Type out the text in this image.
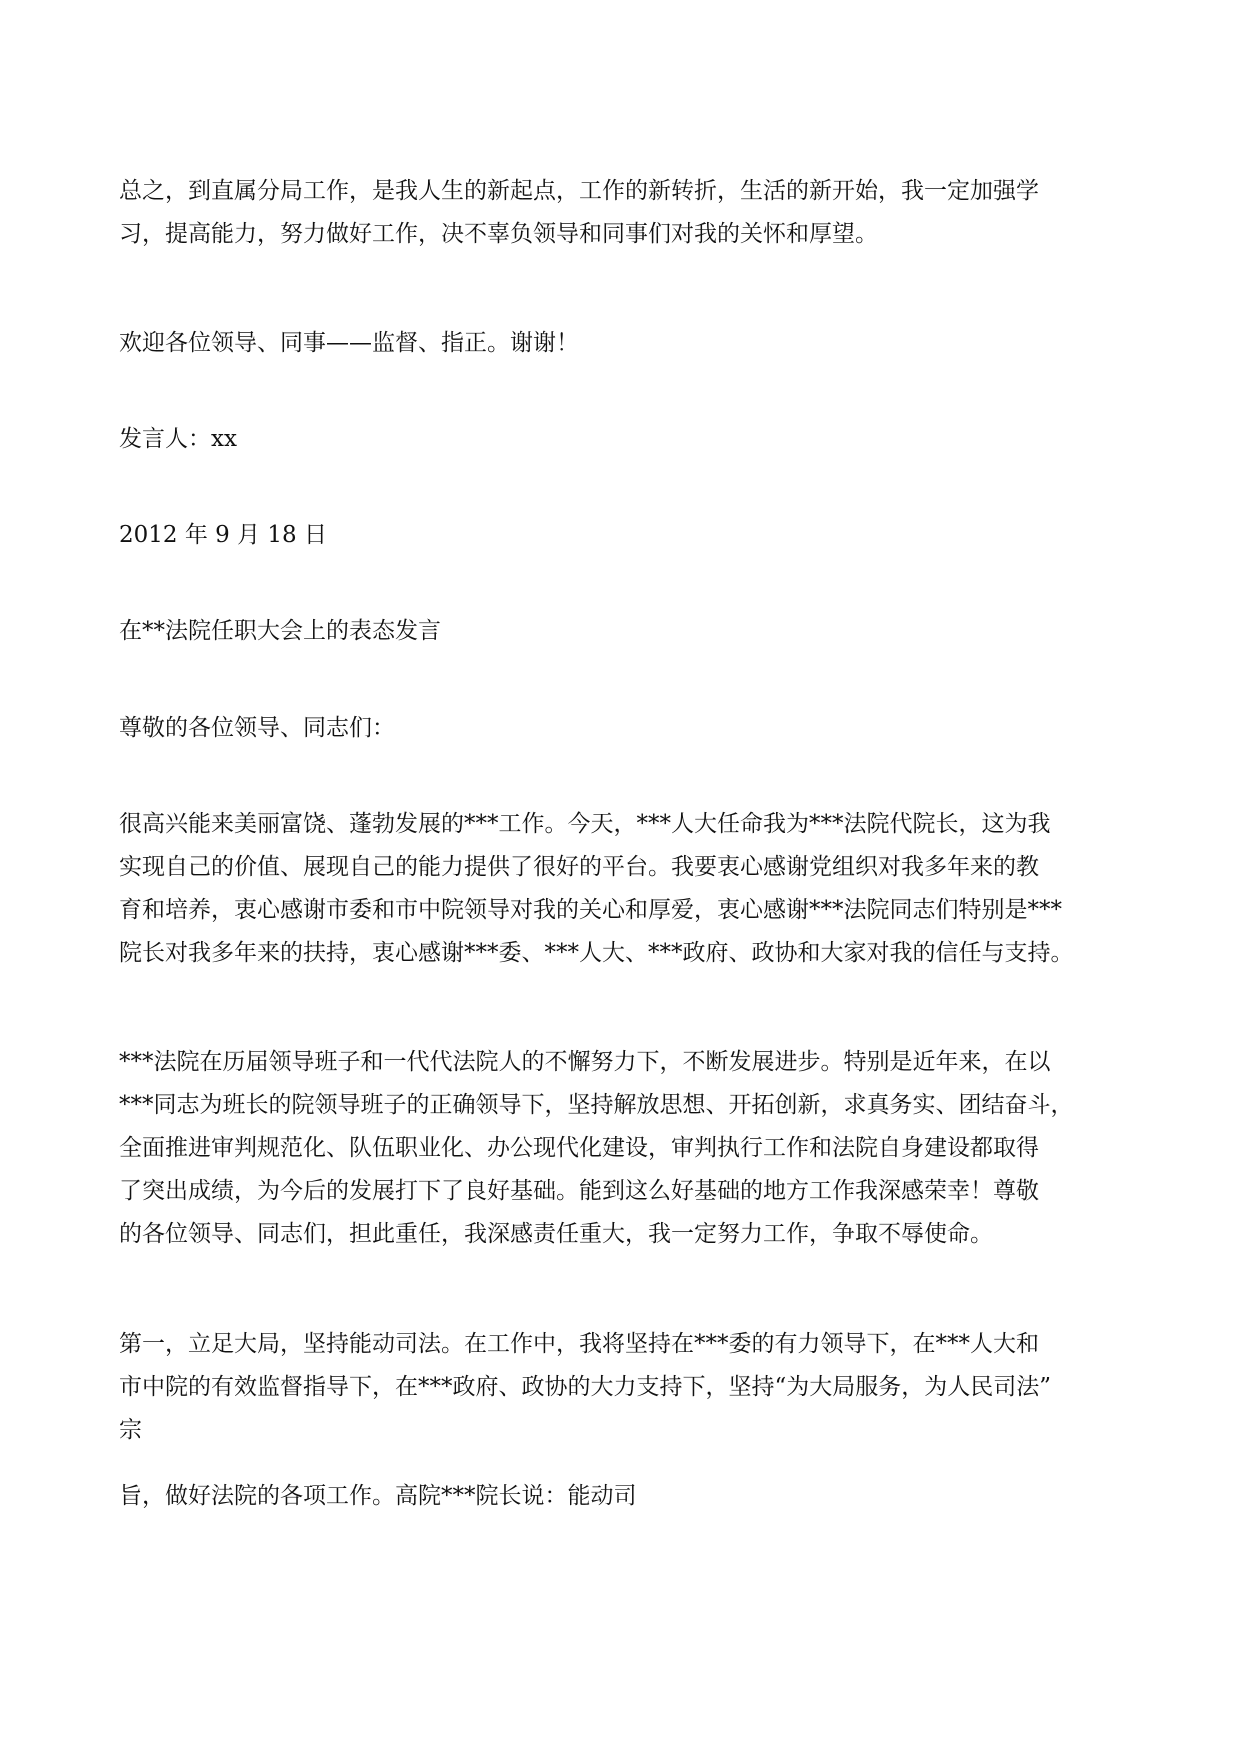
总之，到直属分局工作，是我人生的新起点，工作的新转折，生活的新开始，我一定加强学
习，提高能力，努力做好工作，决不辜负领导和同事们对我的关怀和厚望。

欢迎各位领导、同事——监督、指正。谢谢！

发言人：xx

2012 年 9 月 18 日

在**法院任职大会上的表态发言

尊敬的各位领导、同志们：

很高兴能来美丽富饶、蓬勃发展的***工作。今天，***人大任命我为***法院代院长，这为我
实现自己的价值、展现自己的能力提供了很好的平台。我要衷心感谢党组织对我多年来的教
育和培养，衷心感谢市委和市中院领导对我的关心和厚爱，衷心感谢***法院同志们特别是***
院长对我多年来的扶持，衷心感谢***委、***人大、***政府、政协和大家对我的信任与支持。

***法院在历届领导班子和一代代法院人的不懈努力下，不断发展进步。特别是近年来，在以
***同志为班长的院领导班子的正确领导下，坚持解放思想、开拓创新，求真务实、团结奋斗，
全面推进审判规范化、队伍职业化、办公现代化建设，审判执行工作和法院自身建设都取得
了突出成绩，为今后的发展打下了良好基础。能到这么好基础的地方工作我深感荣幸！尊敬
的各位领导、同志们，担此重任，我深感责任重大，我一定努力工作，争取不辱使命。

第一，立足大局，坚持能动司法。在工作中，我将坚持在***委的有力领导下，在***人大和
市中院的有效监督指导下，在***政府、政协的大力支持下，坚持“为大局服务，为人民司法”
宗

旨，做好法院的各项工作。高院***院长说：能动司
